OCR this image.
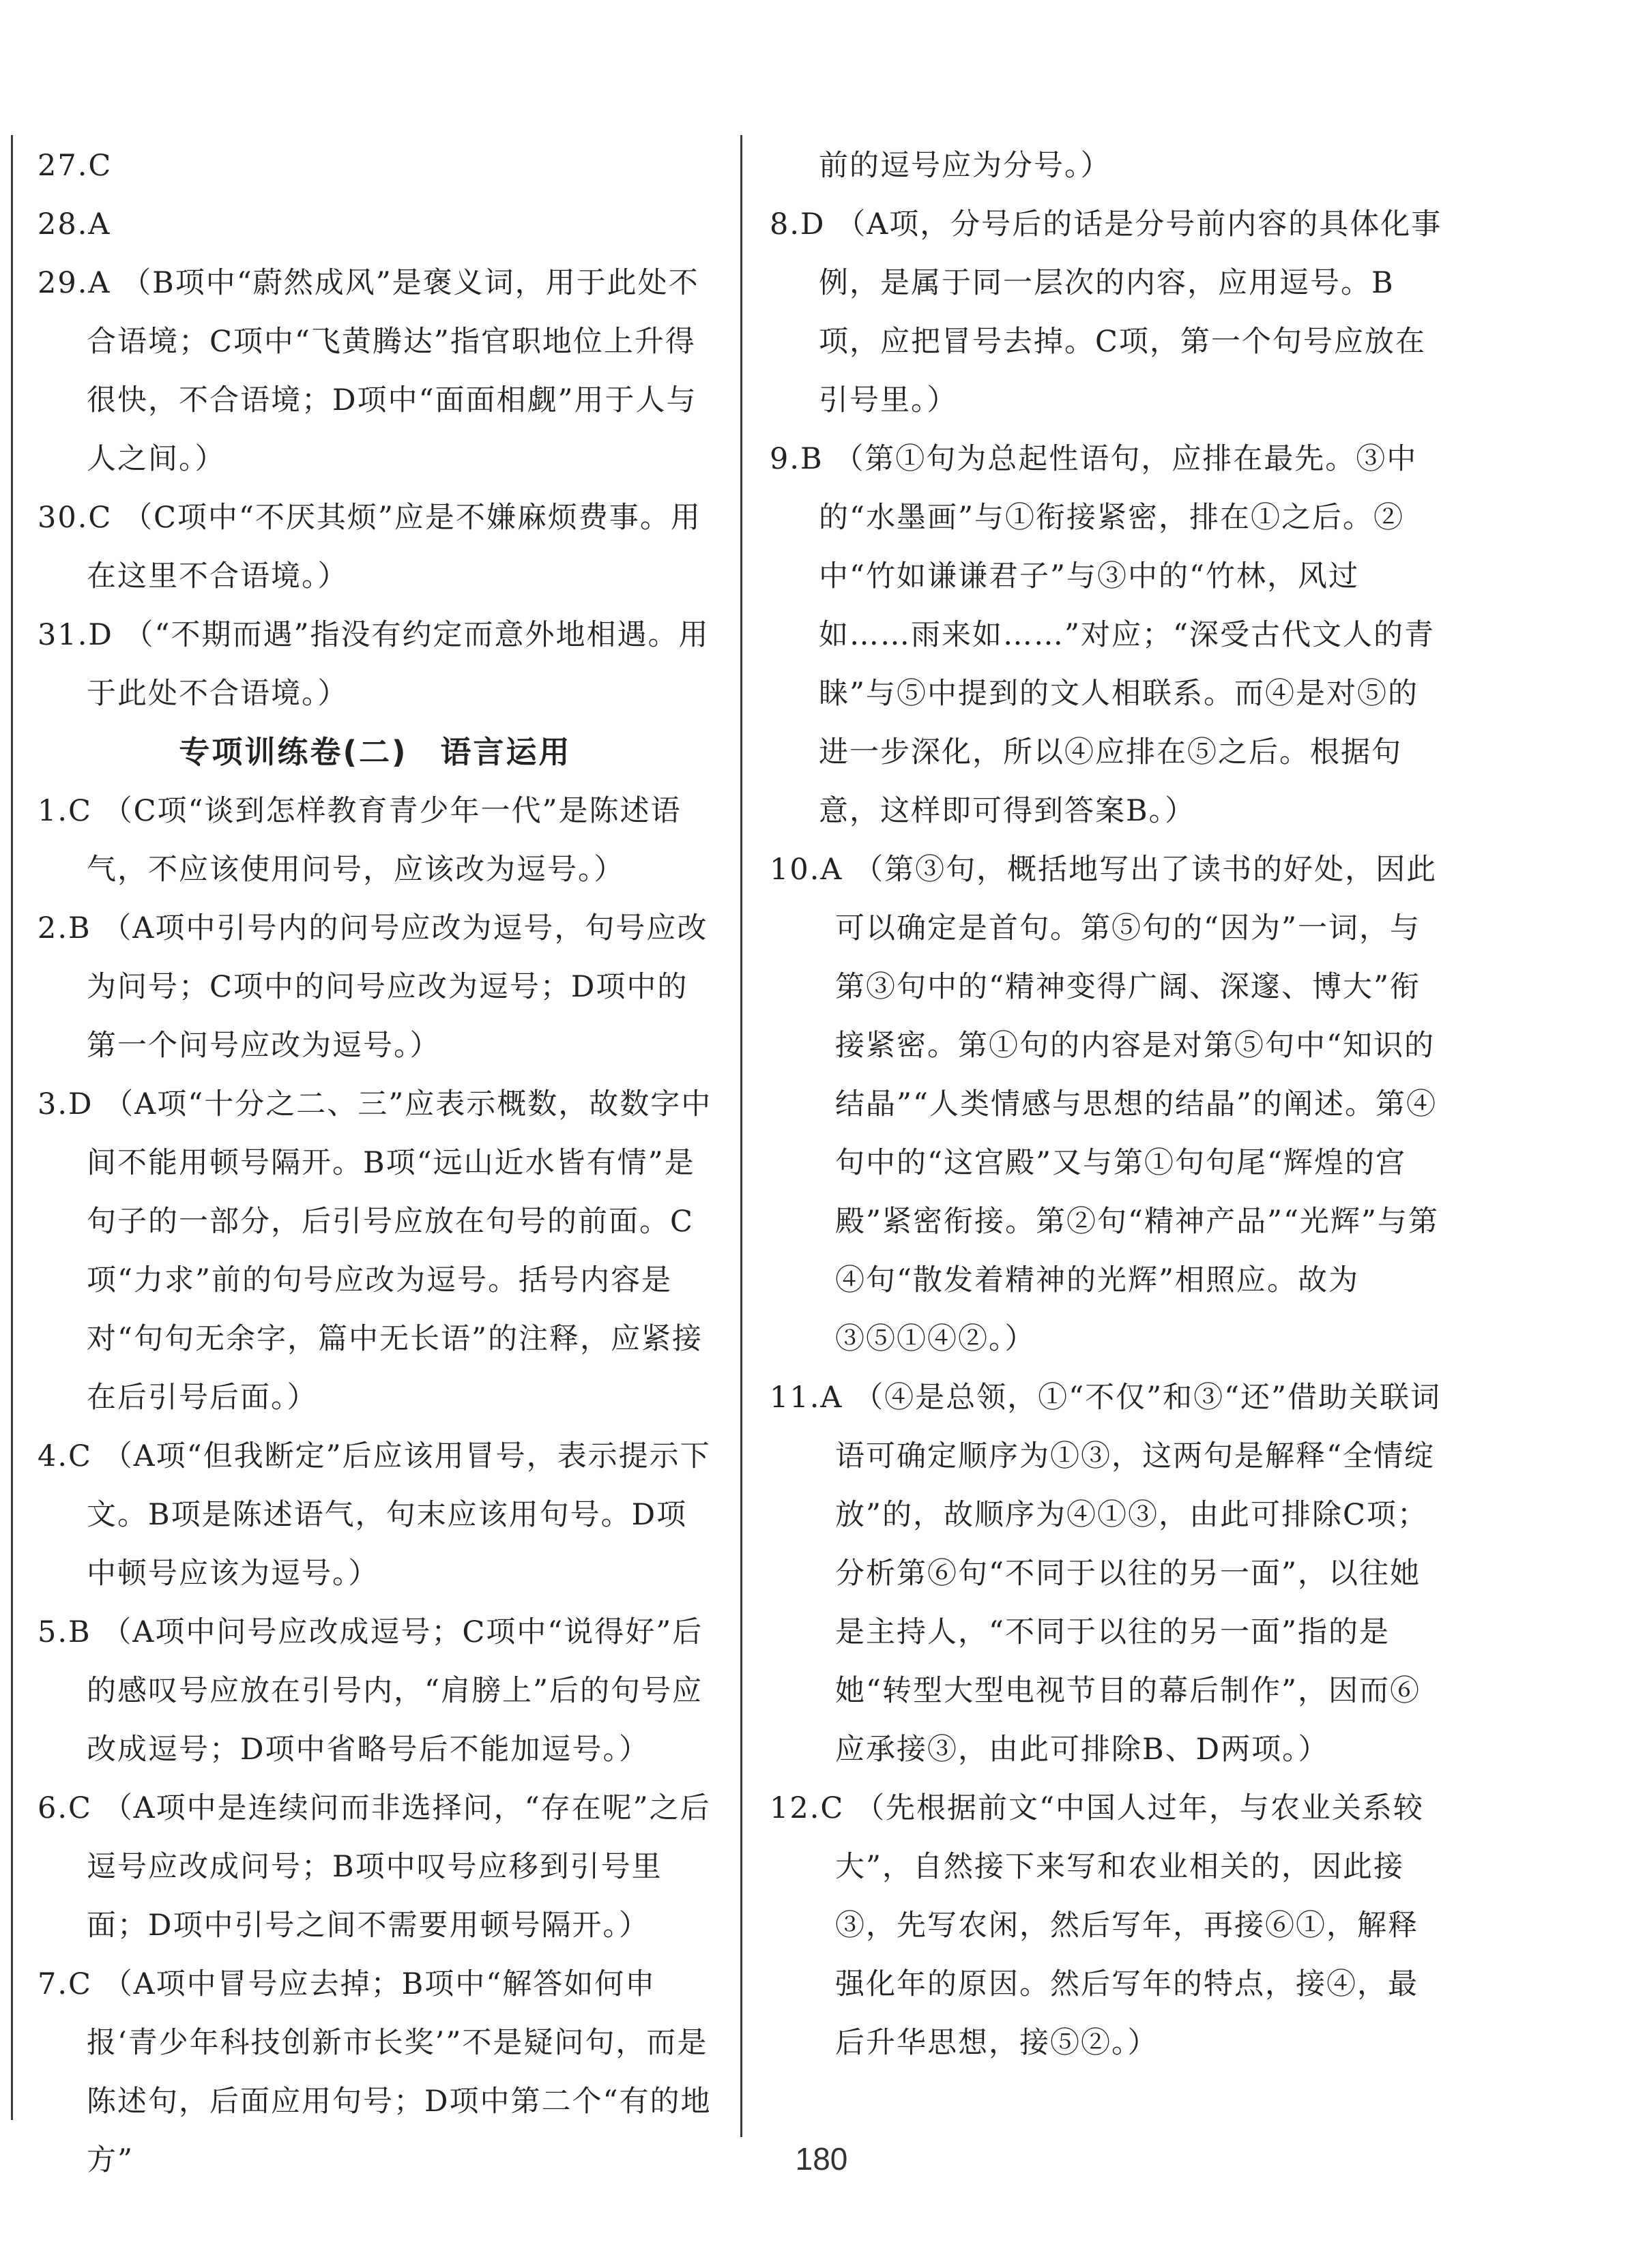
27.C

28.A

29.A （B项中“蔚然成风”是褒义词，用于此处不合语境；C项中“飞黄腾达”指官职地位上升得很快，不合语境；D项中“面面相觑”用于人与人之间。）

30.C （C项中“不厌其烦”应是不嫌麻烦费事。用在这里不合语境。）

31.D （“不期而遇”指没有约定而意外地相遇。用于此处不合语境。）

专项训练卷(二)　语言运用

1.C （C项“谈到怎样教育青少年一代”是陈述语气，不应该使用问号，应该改为逗号。）

2.B （A项中引号内的问号应改为逗号，句号应改为问号；C项中的问号应改为逗号；D项中的第一个问号应改为逗号。）

3.D （A项“十分之二、三”应表示概数，故数字中间不能用顿号隔开。B项“远山近水皆有情”是句子的一部分，后引号应放在句号的前面。C项“力求”前的句号应改为逗号。括号内容是对“句句无余字，篇中无长语”的注释，应紧接在后引号后面。）

4.C （A项“但我断定”后应该用冒号，表示提示下文。B项是陈述语气，句末应该用句号。D项中顿号应该为逗号。）

5.B （A项中问号应改成逗号；C项中“说得好”后的感叹号应放在引号内，“肩膀上”后的句号应改成逗号；D项中省略号后不能加逗号。）

6.C （A项中是连续问而非选择问，“存在呢”之后逗号应改成问号；B项中叹号应移到引号里面；D项中引号之间不需要用顿号隔开。）

7.C （A项中冒号应去掉；B项中“解答如何申报‘青少年科技创新市长奖’”不是疑问句，而是陈述句，后面应用句号；D项中第二个“有的地方”

前的逗号应为分号。）

8.D （A项，分号后的话是分号前内容的具体化事例，是属于同一层次的内容，应用逗号。B项，应把冒号去掉。C项，第一个句号应放在引号里。）

9.B （第①句为总起性语句，应排在最先。③中的“水墨画”与①衔接紧密，排在①之后。②中“竹如谦谦君子”与③中的“竹林，风过如……雨来如……”对应；“深受古代文人的青睐”与⑤中提到的文人相联系。而④是对⑤的进一步深化，所以④应排在⑤之后。根据句意，这样即可得到答案B。）

10.A （第③句，概括地写出了读书的好处，因此可以确定是首句。第⑤句的“因为”一词，与第③句中的“精神变得广阔、深邃、博大”衔接紧密。第①句的内容是对第⑤句中“知识的结晶”“人类情感与思想的结晶”的阐述。第④句中的“这宫殿”又与第①句句尾“辉煌的宫殿”紧密衔接。第②句“精神产品”“光辉”与第④句“散发着精神的光辉”相照应。故为③⑤①④②。）

11.A （④是总领，①“不仅”和③“还”借助关联词语可确定顺序为①③，这两句是解释“全情绽放”的，故顺序为④①③，由此可排除C项；分析第⑥句“不同于以往的另一面”，以往她是主持人，“不同于以往的另一面”指的是她“转型大型电视节目的幕后制作”，因而⑥应承接③，由此可排除B、D两项。）

12.C （先根据前文“中国人过年，与农业关系较大”，自然接下来写和农业相关的，因此接③，先写农闲，然后写年，再接⑥①，解释强化年的原因。然后写年的特点，接④，最后升华思想，接⑤②。）

180
